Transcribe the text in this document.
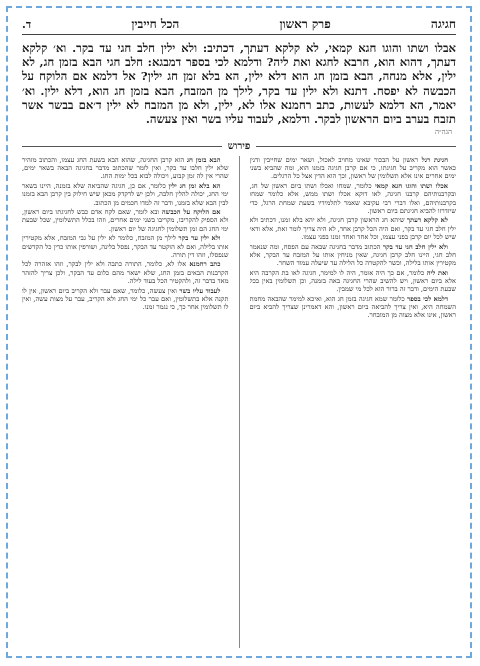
חגיגה
פרק ראשון
הכל חייבין
ד.
אבלו ושתו והוגו חגא קמאי, לא קלקא דעתך, דכתיב: ולא ילין חלב חגי עד בקר. וא׳ קלקא דעתך, דהוא הוא, חרבא לחגא ואת ליה? ודלמא לכי בספר דמבגא: חלב חגי הבא בזמן חג, לא ילין, אלא מנחה, הבא בזמן חג הוא דלא ילין, הא בלא זמן חג ילין? אל דלמא אם הלוקח על הכבשה לא יפסח. דתנא ולא ילין עד בקר, לילך מן המזבח, הבא בזמן חג הוא, דלא ילין. וא׳ יאמר, הא דלמא לעשות, כתב רחמנא אלו לא, ילין, ולא מן המזבח לא ילין ד׳אם בבשר אשר תזבח בערב ביום הראשון לבקר. ודלמא, לעבוד עליו בשר ואין צעשה.
הגה״ה
פירוש

חגיגת רגל ראשון על הבכור שאינו מחויב לאכול, ושאר ימים שחייבין ודנין כאשר הוא מקריב על חגיגתו, כי אם קרבן חגיגה בזמנו הוא, ומה שהביא בשני ימים אחרים אינו אלא תשלומין של ראשון, וכך הוא הדין אצל כל הרגלים.

אכלו ושתו והוגו חגא קמאי כלומר, שמחו ואכלו ושתו ביום ראשון של חג, ובקרבנותיהם קרבנו חגיגה, לאו דוקא אכלו ושתו ממש, אלא כלומר שמחו בקרבנותיהם, ואלו דברי רבי עקיבא שאמר לתלמידיו בשעת שמחת הרגל, כדי שיזדרזו להביא חגיגתם ביום ראשון.

לא קלקא דעתך שיהא חג הראשון קרבן חגיגה, ולא יהא בלא זמנו, דכתיב ולא ילין חלב חגי עד בקר, ואם היה הכל קרבן אחד, לא היה צריך לומר זאת, אלא ודאי שיש לכל יום קרבן בפני עצמו, וכל אחד ואחד זמנו בפני עצמו.

ולא ילין חלב חגי עד בקר הכתוב מדבר בחגיגה שבאה עם הפסח, ומה שנאמר חלב חגי, היינו חלב קרבן חגיגה, שאין מניחין אותו על המזבח עד הבקר, אלא מקטירין אותו בלילה, וכשר להקטרה כל הלילה עד שיעלה עמוד השחר.

ואת ליה כלומר, אם כך היה אומר, היה לו למימר, חגיגה לאו בת הקרבה היא אלא ביום ראשון, ויש להשיב שהרי החגיגה באה בזמנה, וכן תשלומין באין בכל שבעת הימים, ודבר זה ברור הוא לכל מי שמבין.

דלמא לכי בספר כלומר שמא חגיגה בזמן חג הוא, ואיכא למימר שהבאה מחמת השמחה היא, ואין צריך להביאה ביום ראשון, והא דאמרינן שצריך להביא ביום ראשון, אינו אלא מצוה מן המובחר.

הבא בזמן חג הוא קרבן החגיגה, שהוא הבא בשעת החג עצמו, והכתוב מזהיר שלא ילין חלבו עד בקר, ואין לומר שהכתוב מדבר בחגיגה הבאה בשאר ימים, שהרי אין לה זמן קבוע, ויכולה לבוא בכל ימות החג.

הא בלא זמן חג ילין כלומר, אם כן, חגיגה שהביאה שלא בזמנה, היינו בשאר ימי החג, יכולה להלין חלבה, ולכן יש לדקדק מכאן שיש חילוק בין קרבן הבא בזמנו לבין הבא שלא בזמנו, ודבר זה למדו חכמים מן הכתוב.

אם הלוקח על הכבשה ובא לומר, שאם לקח אדם כבש לחגיגתו ביום ראשון, ולא הספיק להקריבו, מקריבו בשני ימים אחרים, וזהו בכלל התשלומין, שכל שבעת ימי החג הם זמן תשלומין לחגיגה של יום ראשון.

ולא ילין עד בקר לילך מן המזבח, כלומר לא ילין על גבי המזבח, אלא מקטירין אותו בלילה, ואם לא הוקטר עד הבקר, נפסל בלינה, ושורפין אותו כדין כל הקדשים שנפסלו, וזהו דין תורה.

כתב רחמנא אלו לא, כלומר, התורה כתבה ולא ילין לבקר, וזהו אזהרה לכל הקרבנות הבאים בזמן החג, שלא ישאר מהם כלום עד הבקר, ולכן צריך להזהר מאד בדבר זה, ולהקטיר הכל בעוד לילה.

לעבוד עליו בשר ואין צעשה, כלומר, שאם עבר ולא הקריב ביום ראשון, אין לו תקנה אלא בתשלומין, ואם עבר כל ימי החג ולא הקריב, עבר על מצות עשה, ואין לו תשלומין אחר כך, כי נגמר זמנו.
